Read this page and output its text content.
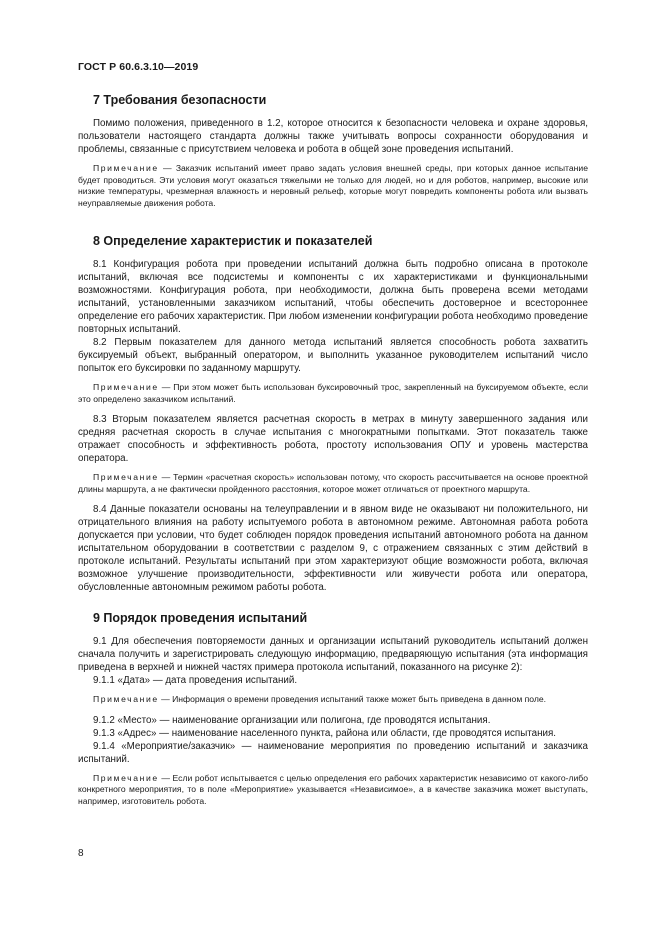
ГОСТ Р 60.6.3.10—2019
7 Требования безопасности

Помимо положения, приведенного в 1.2, которое относится к безопасности человека и охране здоровья, пользователи настоящего стандарта должны также учитывать вопросы сохранности оборудования и проблемы, связанные с присутствием человека и робота в общей зоне проведения испытаний.

Примечание — Заказчик испытаний имеет право задать условия внешней среды, при которых данное испытание будет проводиться. Эти условия могут оказаться тяжелыми не только для людей, но и для роботов, например, высокие или низкие температуры, чрезмерная влажность и неровный рельеф, которые могут повредить компоненты робота или вызвать неуправляемые движения робота.

8 Определение характеристик и показателей

8.1 Конфигурация робота при проведении испытаний должна быть подробно описана в протоколе испытаний, включая все подсистемы и компоненты с их характеристиками и функциональными возможностями. Конфигурация робота, при необходимости, должна быть проверена всеми методами испытаний, установленными заказчиком испытаний, чтобы обеспечить достоверное и всестороннее определение его рабочих характеристик. При любом изменении конфигурации робота необходимо проведение повторных испытаний.

8.2 Первым показателем для данного метода испытаний является способность робота захватить буксируемый объект, выбранный оператором, и выполнить указанное руководителем испытаний число попыток его буксировки по заданному маршруту.

Примечание — При этом может быть использован буксировочный трос, закрепленный на буксируемом объекте, если это определено заказчиком испытаний.

8.3 Вторым показателем является расчетная скорость в метрах в минуту завершенного задания или средняя расчетная скорость в случае испытания с многократными попытками. Этот показатель также отражает способность и эффективность робота, простоту использования ОПУ и уровень мастерства оператора.

Примечание — Термин «расчетная скорость» использован потому, что скорость рассчитывается на основе проектной длины маршрута, а не фактически пройденного расстояния, которое может отличаться от проектного маршрута.

8.4 Данные показатели основаны на телеуправлении и в явном виде не оказывают ни положительного, ни отрицательного влияния на работу испытуемого робота в автономном режиме. Автономная работа робота допускается при условии, что будет соблюден порядок проведения испытаний автономного робота на данном испытательном оборудовании в соответствии с разделом 9, с отражением связанных с этим действий в протоколе испытаний. Результаты испытаний при этом характеризуют общие возможности робота, включая возможное улучшение производительности, эффективности или живучести робота или оператора, обусловленные автономным режимом работы робота.

9 Порядок проведения испытаний

9.1 Для обеспечения повторяемости данных и организации испытаний руководитель испытаний должен сначала получить и зарегистрировать следующую информацию, предваряющую испытания (эта информация приведена в верхней и нижней частях примера протокола испытаний, показанного на рисунке 2):

9.1.1 «Дата» — дата проведения испытаний.

Примечание — Информация о времени проведения испытаний также может быть приведена в данном поле.

9.1.2 «Место» — наименование организации или полигона, где проводятся испытания.

9.1.3 «Адрес» — наименование населенного пункта, района или области, где проводятся испытания.

9.1.4 «Мероприятие/заказчик» — наименование мероприятия по проведению испытаний и заказчика испытаний.

Примечание — Если робот испытывается с целью определения его рабочих характеристик независимо от какого-либо конкретного мероприятия, то в поле «Мероприятие» указывается «Независимое», а в качестве заказчика может выступать, например, изготовитель робота.

8
